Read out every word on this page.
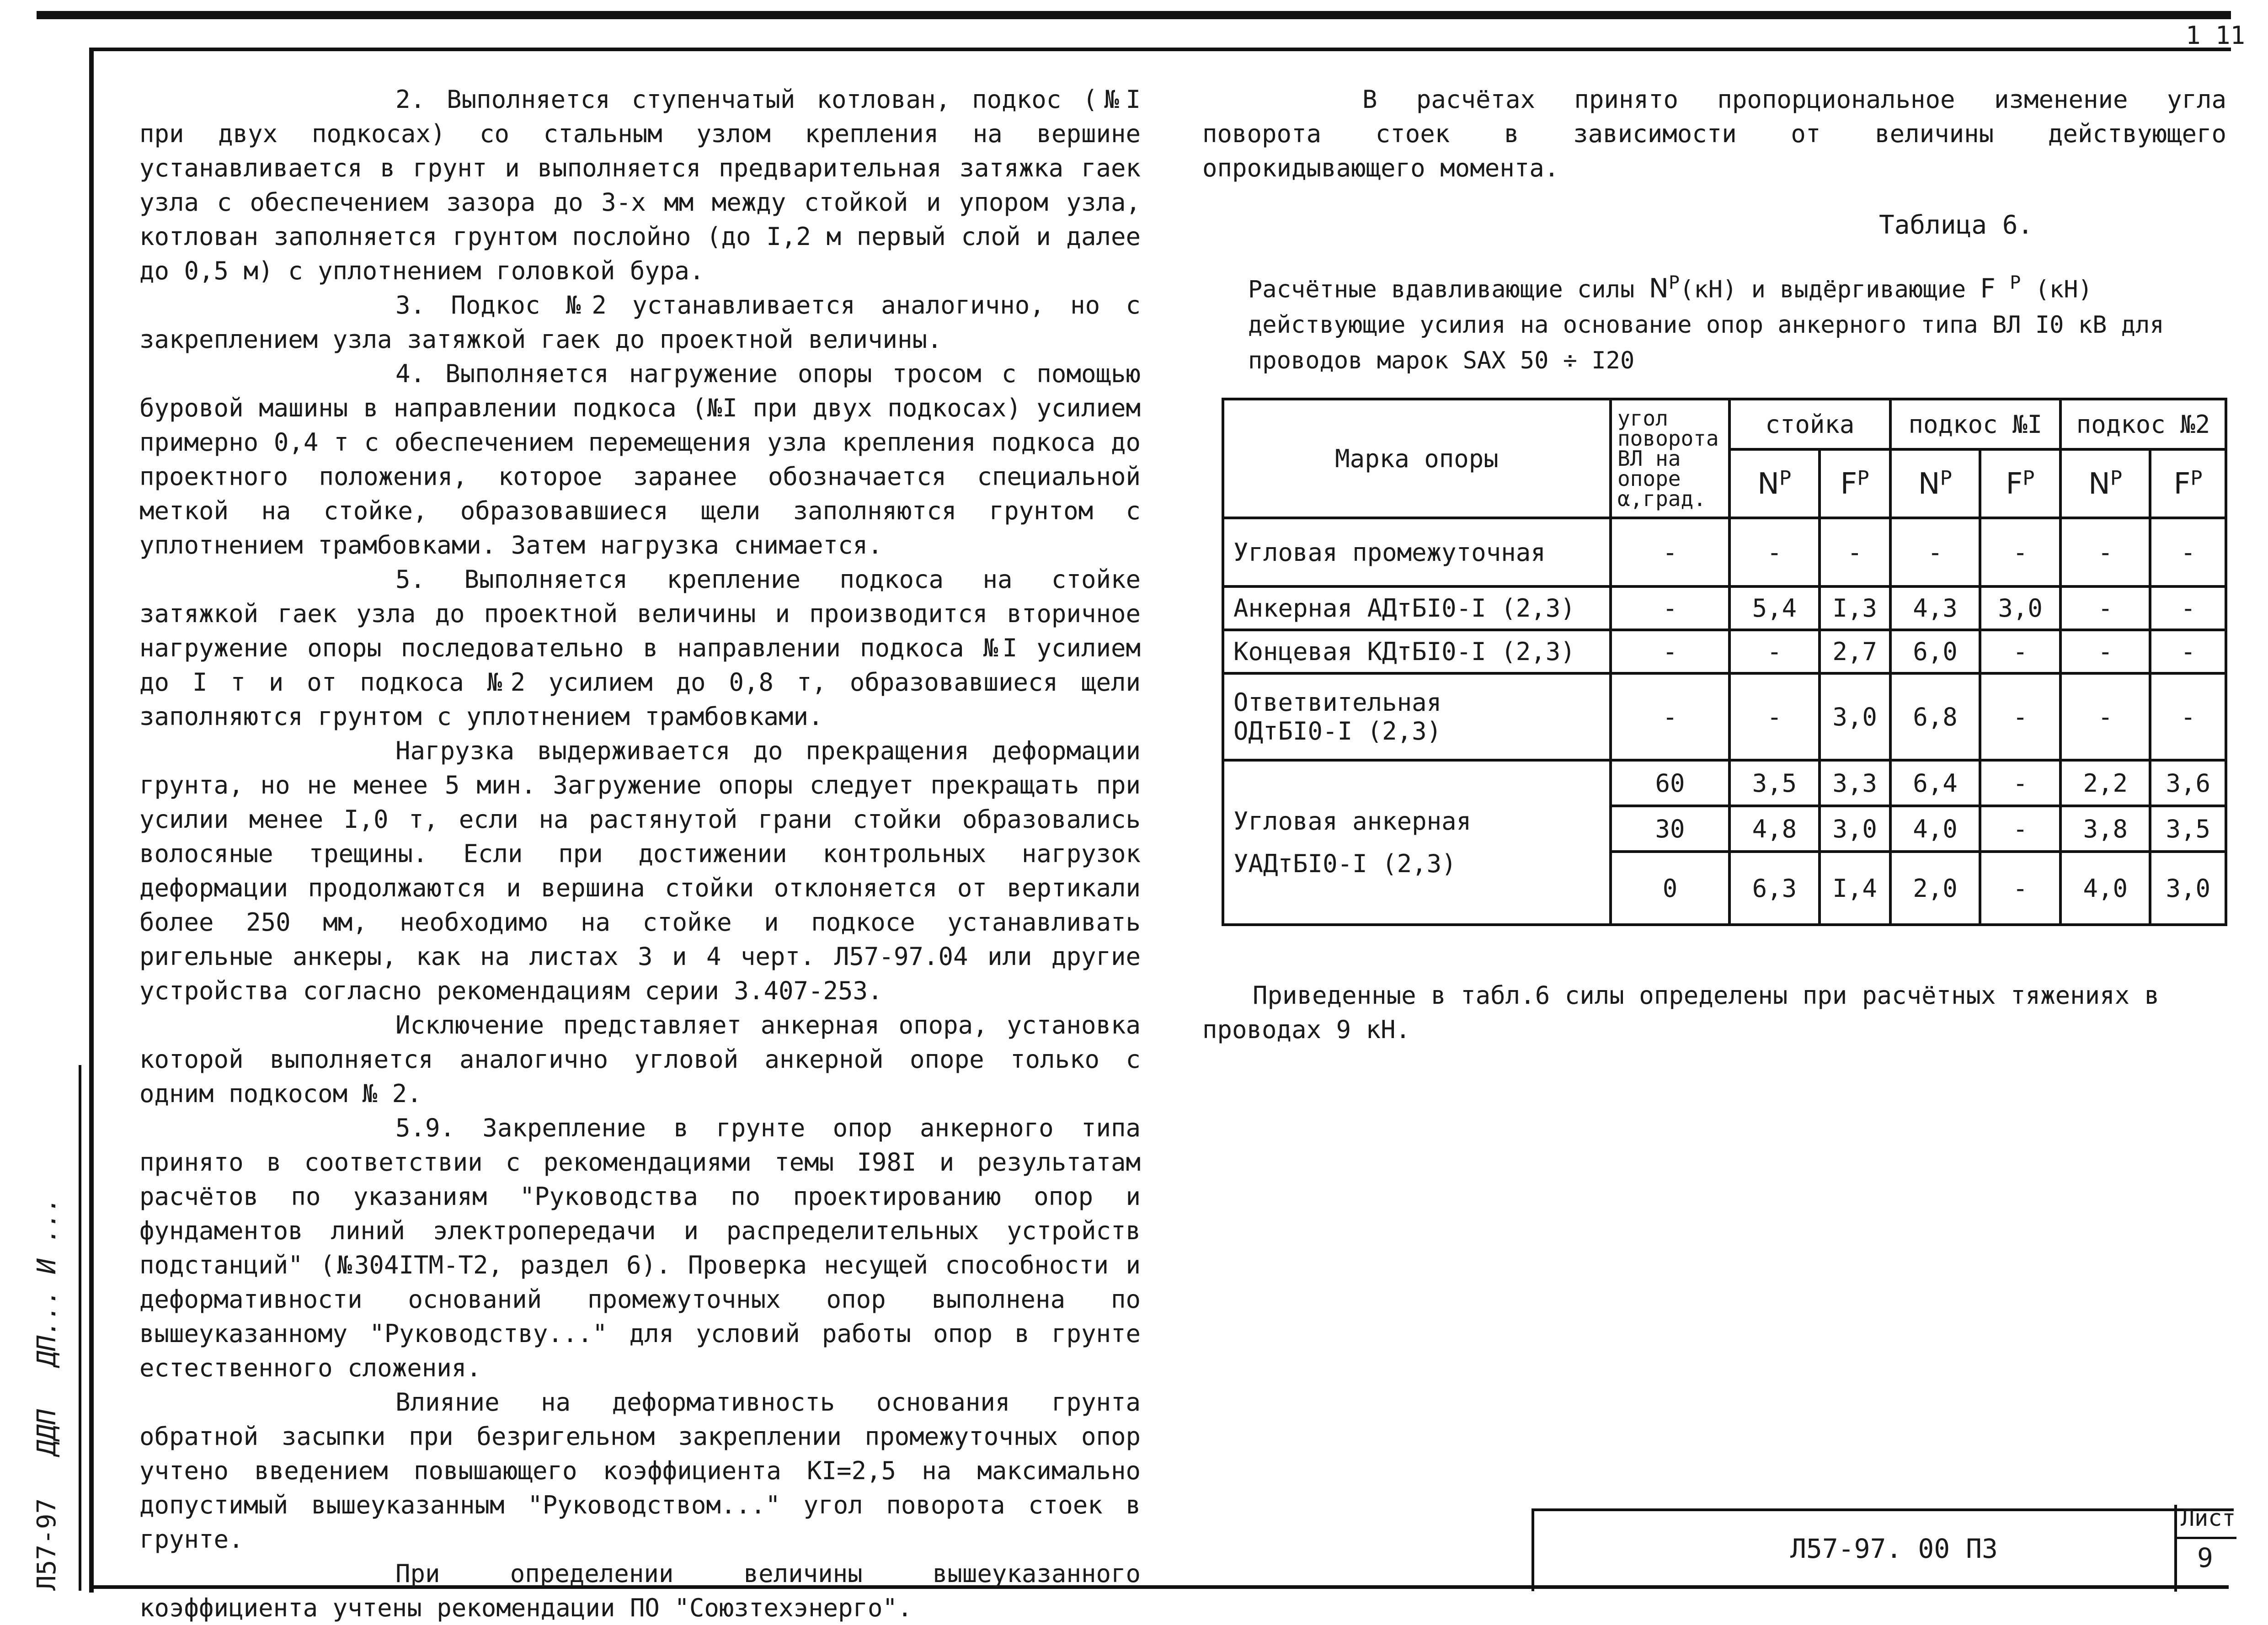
1 11
Л57-97 ДДП ДП... И ...

2. Выполняется ступенчатый котлован, подкос (№I при двух подкосах) со стальным узлом крепления на вершине устанавливается в грунт и выполняется предварительная затяжка гаек узла с обеспечением зазора до 3-х мм между стойкой и упором узла, котлован заполняется грунтом послойно (до I,2 м первый слой и далее до 0,5 м) с уплотнением головкой бура.

3. Подкос №2 устанавливается аналогично, но с закреплением узла затяжкой гаек до проектной величины.

4. Выполняется нагружение опоры тросом с помощью буровой машины в направлении подкоса (№I при двух подкосах) усилием примерно 0,4 т с обеспечением перемещения узла крепления подкоса до проектного положения, которое заранее обозначается специальной меткой на стойке, образовавшиеся щели заполняются грунтом с уплотнением трамбовками. Затем нагрузка снимается.

5. Выполняется крепление подкоса на стойке затяжкой гаек узла до проектной величины и производится вторичное нагружение опоры последовательно в направлении подкоса №I усилием до I т и от подкоса №2 усилием до 0,8 т, образовавшиеся щели заполняются грунтом с уплотнением трамбовками.

Нагрузка выдерживается до прекращения деформации грунта, но не менее 5 мин. Загружение опоры следует прекращать при усилии менее I,0 т, если на растянутой грани стойки образовались волосяные трещины. Если при достижении контрольных нагрузок деформации продолжаются и вершина стойки отклоняется от вертикали более 250 мм, необходимо на стойке и подкосе устанавливать ригельные анкеры, как на листах 3 и 4 черт. Л57-97.04 или другие устройства согласно рекомендациям серии 3.407-253.

Исключение представляет анкерная опора, установка которой выполняется аналогично угловой анкерной опоре только с одним подкосом № 2.

5.9. Закрепление в грунте опор анкерного типа принято в соответствии с рекомендациями темы I98I и результатам расчётов по указаниям "Руководства по проектированию опор и фундаментов линий электропередачи и распределительных устройств подстанций" (№304ITM-T2, раздел 6). Проверка несущей способности и деформативности оснований промежуточных опор выполнена по вышеуказанному "Руководству..." для условий работы опор в грунте естественного сложения.

Влияние на деформативность основания грунта обратной засыпки при безригельном закреплении промежуточных опор учтено введением повышающего коэффициента KI=2,5 на максимально допустимый вышеуказанным "Руководством..." угол поворота стоек в грунте.

При определении величины вышеуказанного коэффициента учтены рекомендации ПО "Союзтехэнерго".

В расчётах принято пропорциональное изменение угла поворота стоек в зависимости от величины действующего опрокидывающего момента.

Таблица 6.
Расчётные вдавливающие силы $N^P(кН)$ и выдёргивающие F $^P$ (кН) действующие усилия на основание опор анкерного типа ВЛ I0 кВ для проводов марок SAX 50 ÷ I20
Марка опоры	угол
поворота
ВЛ на
опоре
α,град.	стойка		подкос №I		подкос №2	
		$N^P$	$F^P$	$N^P$	$F^P$	$N^P$	$F^P$
Угловая промежуточная	-	-	-	-	-	-	-
Анкерная АДтБI0-I (2,3)	-	5,4	I,3	4,3	3,0	-	-
Концевая КДтБI0-I (2,3)	-	-	2,7	6,0	-	-	-

Ответвительная
ОДтБI0-I (2,3)	-	-	3,0	6,8	-	-	-

Угловая анкерная
УАДтБI0-I (2,3)	60	3,5	3,3	6,4	-	2,2	3,6
	30	4,8	3,0	4,0	-	3,8	3,5
	0	6,3	I,4	2,0	-	4,0	3,0

Приведенные в табл.6 силы определены при расчётных тяжениях в проводах 9 кН.

Л57-97. 00 ПЗ
Лист
9
